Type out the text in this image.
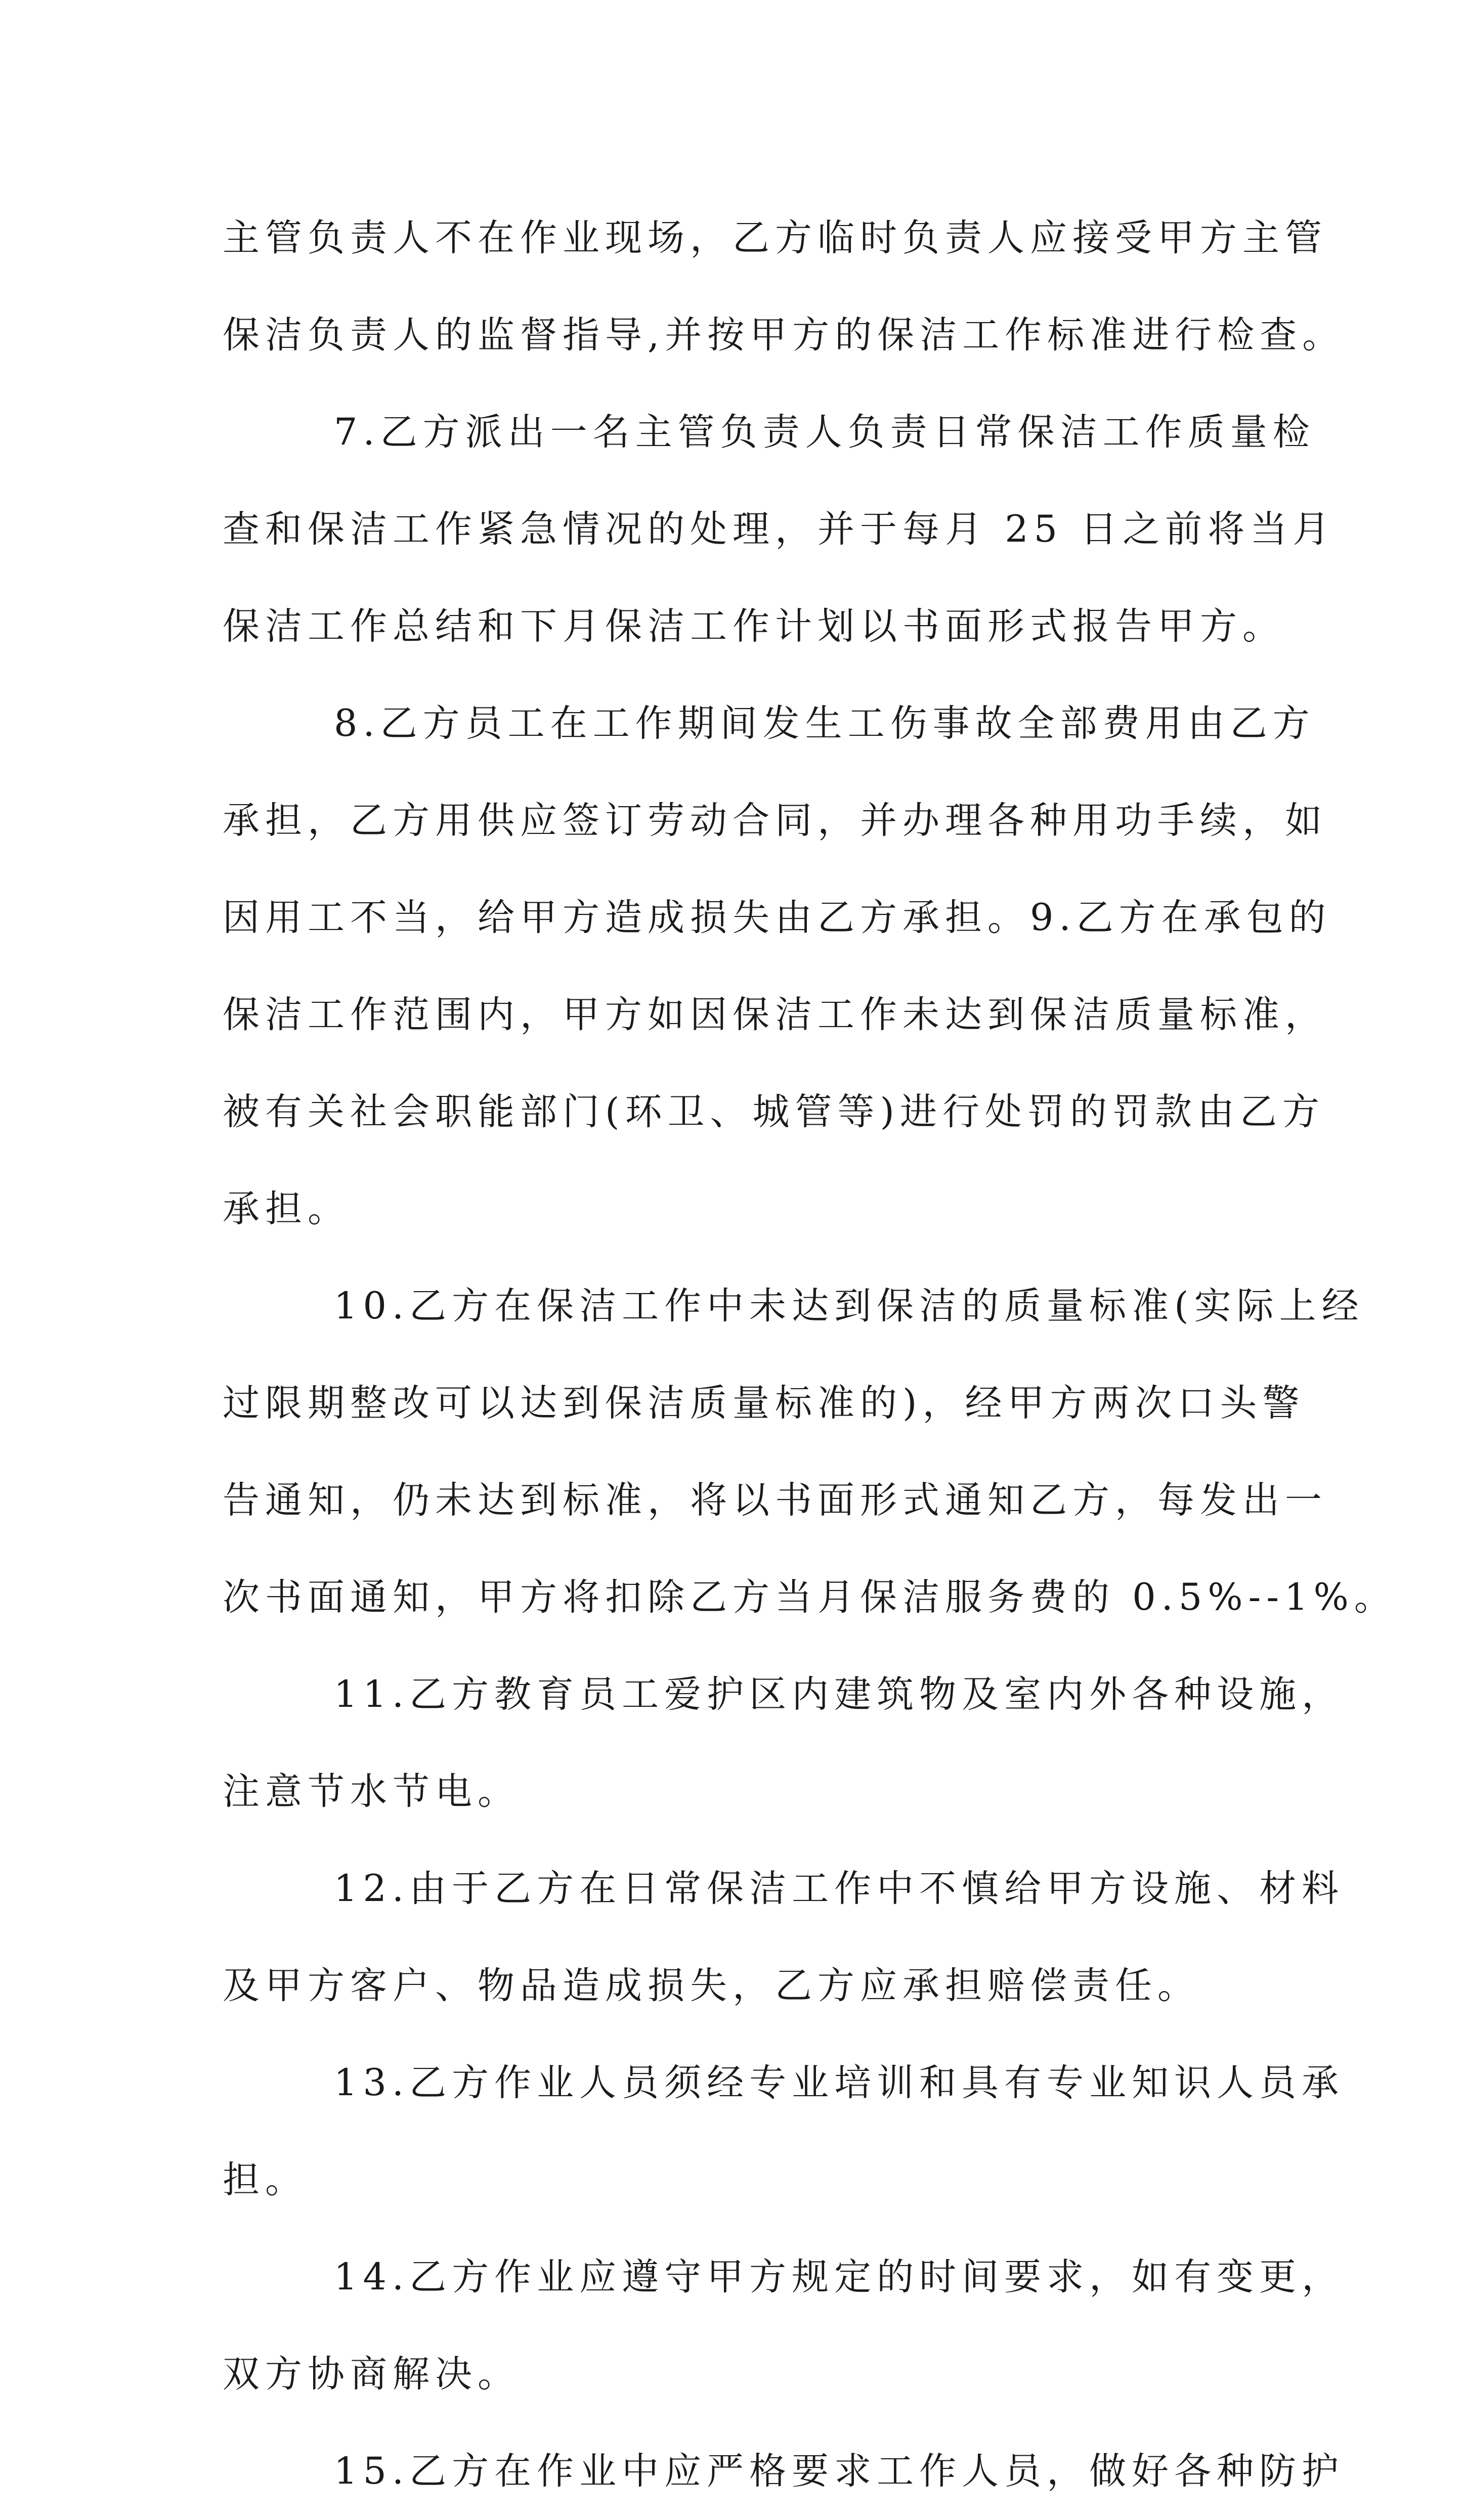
主管负责人不在作业现场，乙方临时负责人应接受甲方主管
保洁负责人的监督指导,并按甲方的保洁工作标准进行检查。
7.乙方派出一名主管负责人负责日常保洁工作质量检
查和保洁工作紧急情况的处理，并于每月 25 日之前将当月
保洁工作总结和下月保洁工作计划以书面形式报告甲方。
8.乙方员工在工作期间发生工伤事故全部费用由乙方
承担，乙方用供应签订劳动合同，并办理各种用功手续，如
因用工不当，给甲方造成损失由乙方承担。9.乙方在承包的
保洁工作范围内，甲方如因保洁工作未达到保洁质量标准，
被有关社会职能部门(环卫、城管等)进行处罚的罚款由乙方
承担。
10.乙方在保洁工作中未达到保洁的质量标准(实际上经
过限期整改可以达到保洁质量标准的)，经甲方两次口头警
告通知，仍未达到标准，将以书面形式通知乙方，每发出一
次书面通知，甲方将扣除乙方当月保洁服务费的 0.5%--1%。
11.乙方教育员工爱护区内建筑物及室内外各种设施，
注意节水节电。
12.由于乙方在日常保洁工作中不慎给甲方设施、材料
及甲方客户、物品造成损失，乙方应承担赔偿责任。
13.乙方作业人员须经专业培训和具有专业知识人员承
担。
14.乙方作业应遵守甲方规定的时间要求，如有变更，
双方协商解决。
15.乙方在作业中应严格要求工作人员，做好各种防护
